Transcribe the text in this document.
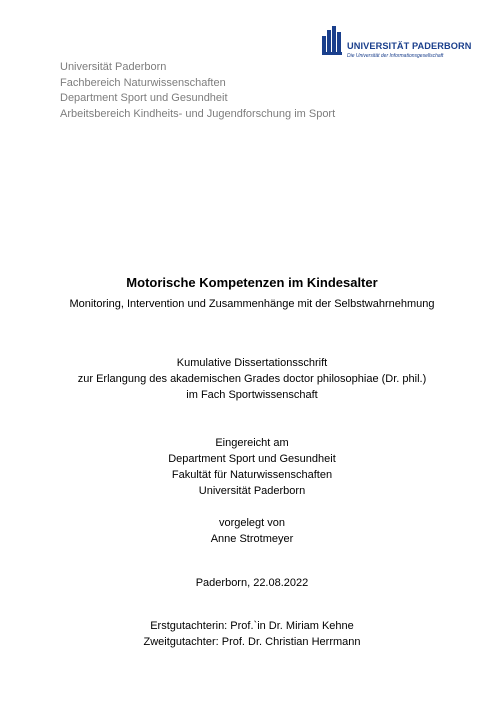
UNIVERSITÄT PADERBORN
Die Universität der Informationsgesellschaft
Universität Paderborn
Fachbereich Naturwissenschaften
Department Sport und Gesundheit
Arbeitsbereich Kindheits- und Jugendforschung im Sport
Motorische Kompetenzen im Kindesalter
Monitoring, Intervention und Zusammenhänge mit der Selbstwahrnehmung
Kumulative Dissertationsschrift
zur Erlangung des akademischen Grades doctor philosophiae (Dr. phil.)
im Fach Sportwissenschaft
Eingereicht am
Department Sport und Gesundheit
Fakultät für Naturwissenschaften
Universität Paderborn
vorgelegt von
Anne Strotmeyer
Paderborn, 22.08.2022
Erstgutachterin: Prof.`in Dr. Miriam Kehne
Zweitgutachter: Prof. Dr. Christian Herrmann
